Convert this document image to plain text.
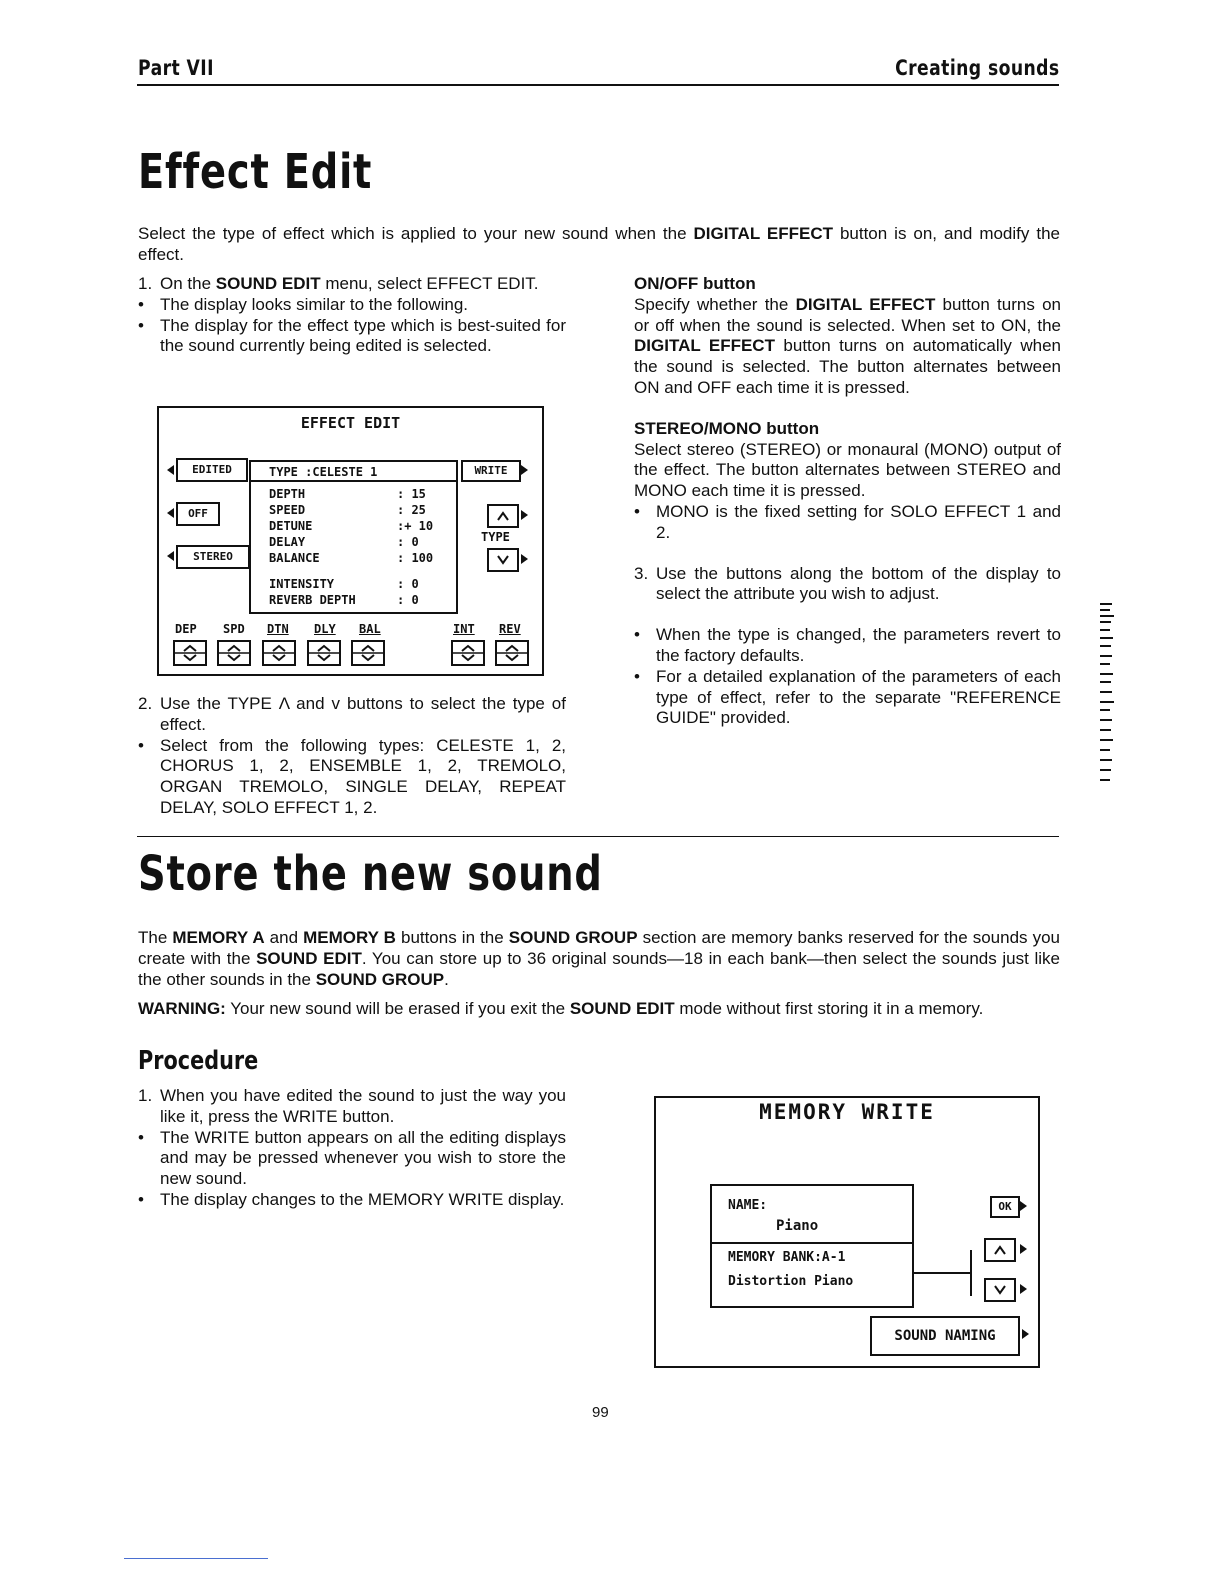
Part VII	Creating sounds
Effect Edit

Select the type of effect which is applied to your new sound when the DIGITAL EFFECT button is on, and modify the effect.

1. On the SOUND EDIT menu, select EFFECT EDIT.
• The display looks similar to the following.
• The display for the effect type which is best-suited for the sound currently being edited is selected.
EFFECT EDIT
EDITED
OFF
STEREO
TYPE :CELESTE 1
DEPTH	: 15
SPEED	: 25
DETUNE	:+ 10
DELAY	: 0
BALANCE	: 100
INTENSITY	: 0
REVERB DEPTH	: 0
WRITE
TYPE
DEP SPD DTN DLY BAL	INT REV
2. Use the TYPE Λ and v buttons to select the type of effect.
• Select from the following types: CELESTE 1, 2, CHORUS 1, 2, ENSEMBLE 1, 2, TREMOLO, ORGAN TREMOLO, SINGLE DELAY, REPEAT DELAY, SOLO EFFECT 1, 2.
ON/OFF button
Specify whether the DIGITAL EFFECT button turns on or off when the sound is selected. When set to ON, the DIGITAL EFFECT button turns on automatically when the sound is selected. The button alternates between ON and OFF each time it is pressed.
STEREO/MONO button
Select stereo (STEREO) or monaural (MONO) output of the effect. The button alternates between STEREO and MONO each time it is pressed.
• MONO is the fixed setting for SOLO EFFECT 1 and 2.
3. Use the buttons along the bottom of the display to select the attribute you wish to adjust.
• When the type is changed, the parameters revert to the factory defaults.
• For a detailed explanation of the parameters of each type of effect, refer to the separate "REFERENCE GUIDE" provided.
Store the new sound

The MEMORY A and MEMORY B buttons in the SOUND GROUP section are memory banks reserved for the sounds you create with the SOUND EDIT. You can store up to 36 original sounds—18 in each bank—then select the sounds just like the other sounds in the SOUND GROUP.

WARNING: Your new sound will be erased if you exit the SOUND EDIT mode without first storing it in a memory.
Procedure
1. When you have edited the sound to just the way you like it, press the WRITE button.
• The WRITE button appears on all the editing displays and may be pressed whenever you wish to store the new sound.
• The display changes to the MEMORY WRITE display.
MEMORY WRITE
NAME:
Piano
MEMORY BANK:A-1
Distortion Piano
OK
SOUND NAMING
99
